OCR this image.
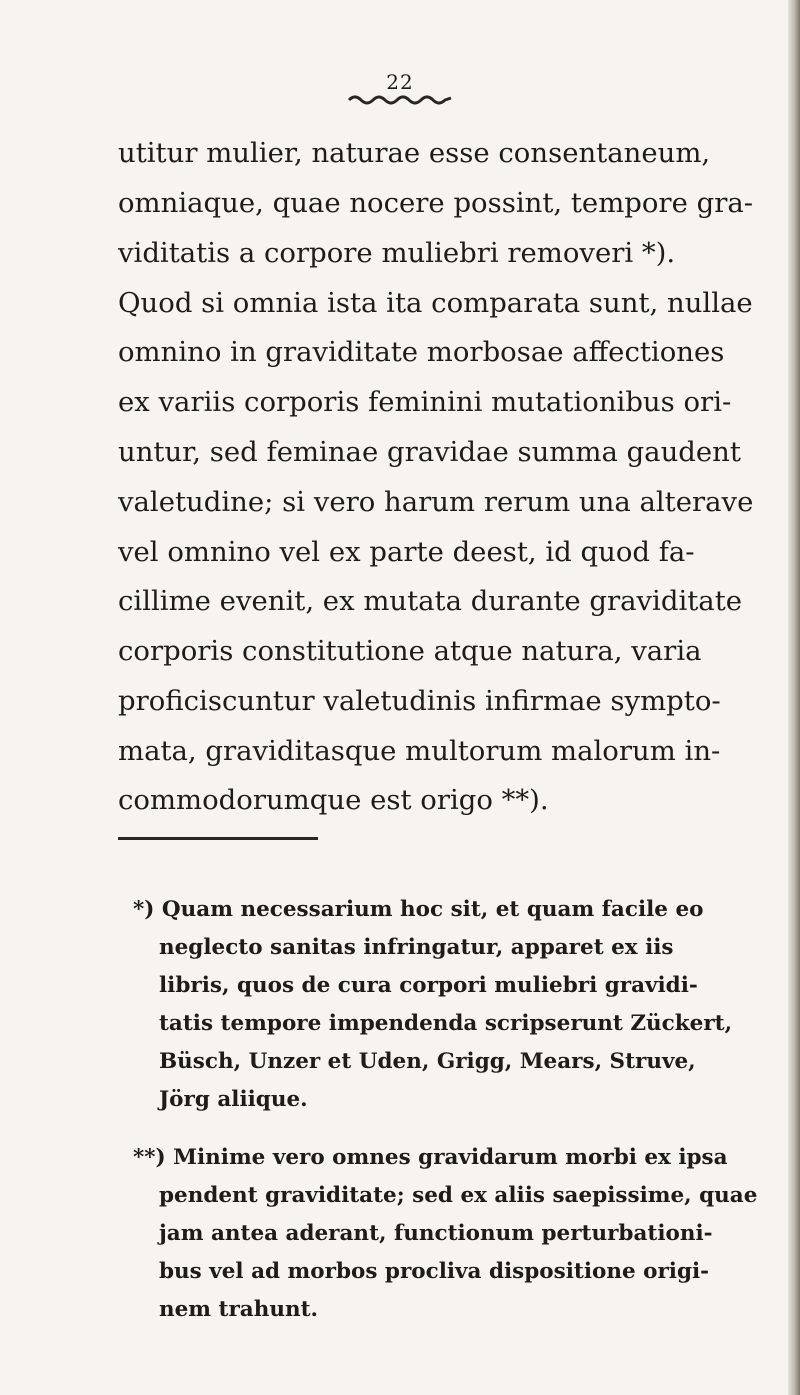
22
utitur mulier, naturae esse consentaneum,
omniaque, quae nocere possint, tempore gra-
viditatis a corpore muliebri removeri *).
Quod si omnia ista ita comparata sunt, nullae
omnino in graviditate morbosae affectiones
ex variis corporis feminini mutationibus ori-
untur, sed feminae gravidae summa gaudent
valetudine; si vero harum rerum una alterave
vel omnino vel ex parte deest, id quod fa-
cillime evenit, ex mutata durante graviditate
corporis constitutione atque natura, varia
proficiscuntur valetudinis infirmae sympto-
mata, graviditasque multorum malorum in-
commodorumque est origo **).
*) Quam necessarium hoc sit, et quam facile eo
neglecto sanitas infringatur, apparet ex iis
libris, quos de cura corpori muliebri gravidi-
tatis tempore impendenda scripserunt Zückert,
Büsch, Unzer et Uden, Grigg, Mears, Struve,
Jörg aliique.
**) Minime vero omnes gravidarum morbi ex ipsa
pendent graviditate; sed ex aliis saepissime, quae
jam antea aderant, functionum perturbationi-
bus vel ad morbos procliva dispositione origi-
nem trahunt.
